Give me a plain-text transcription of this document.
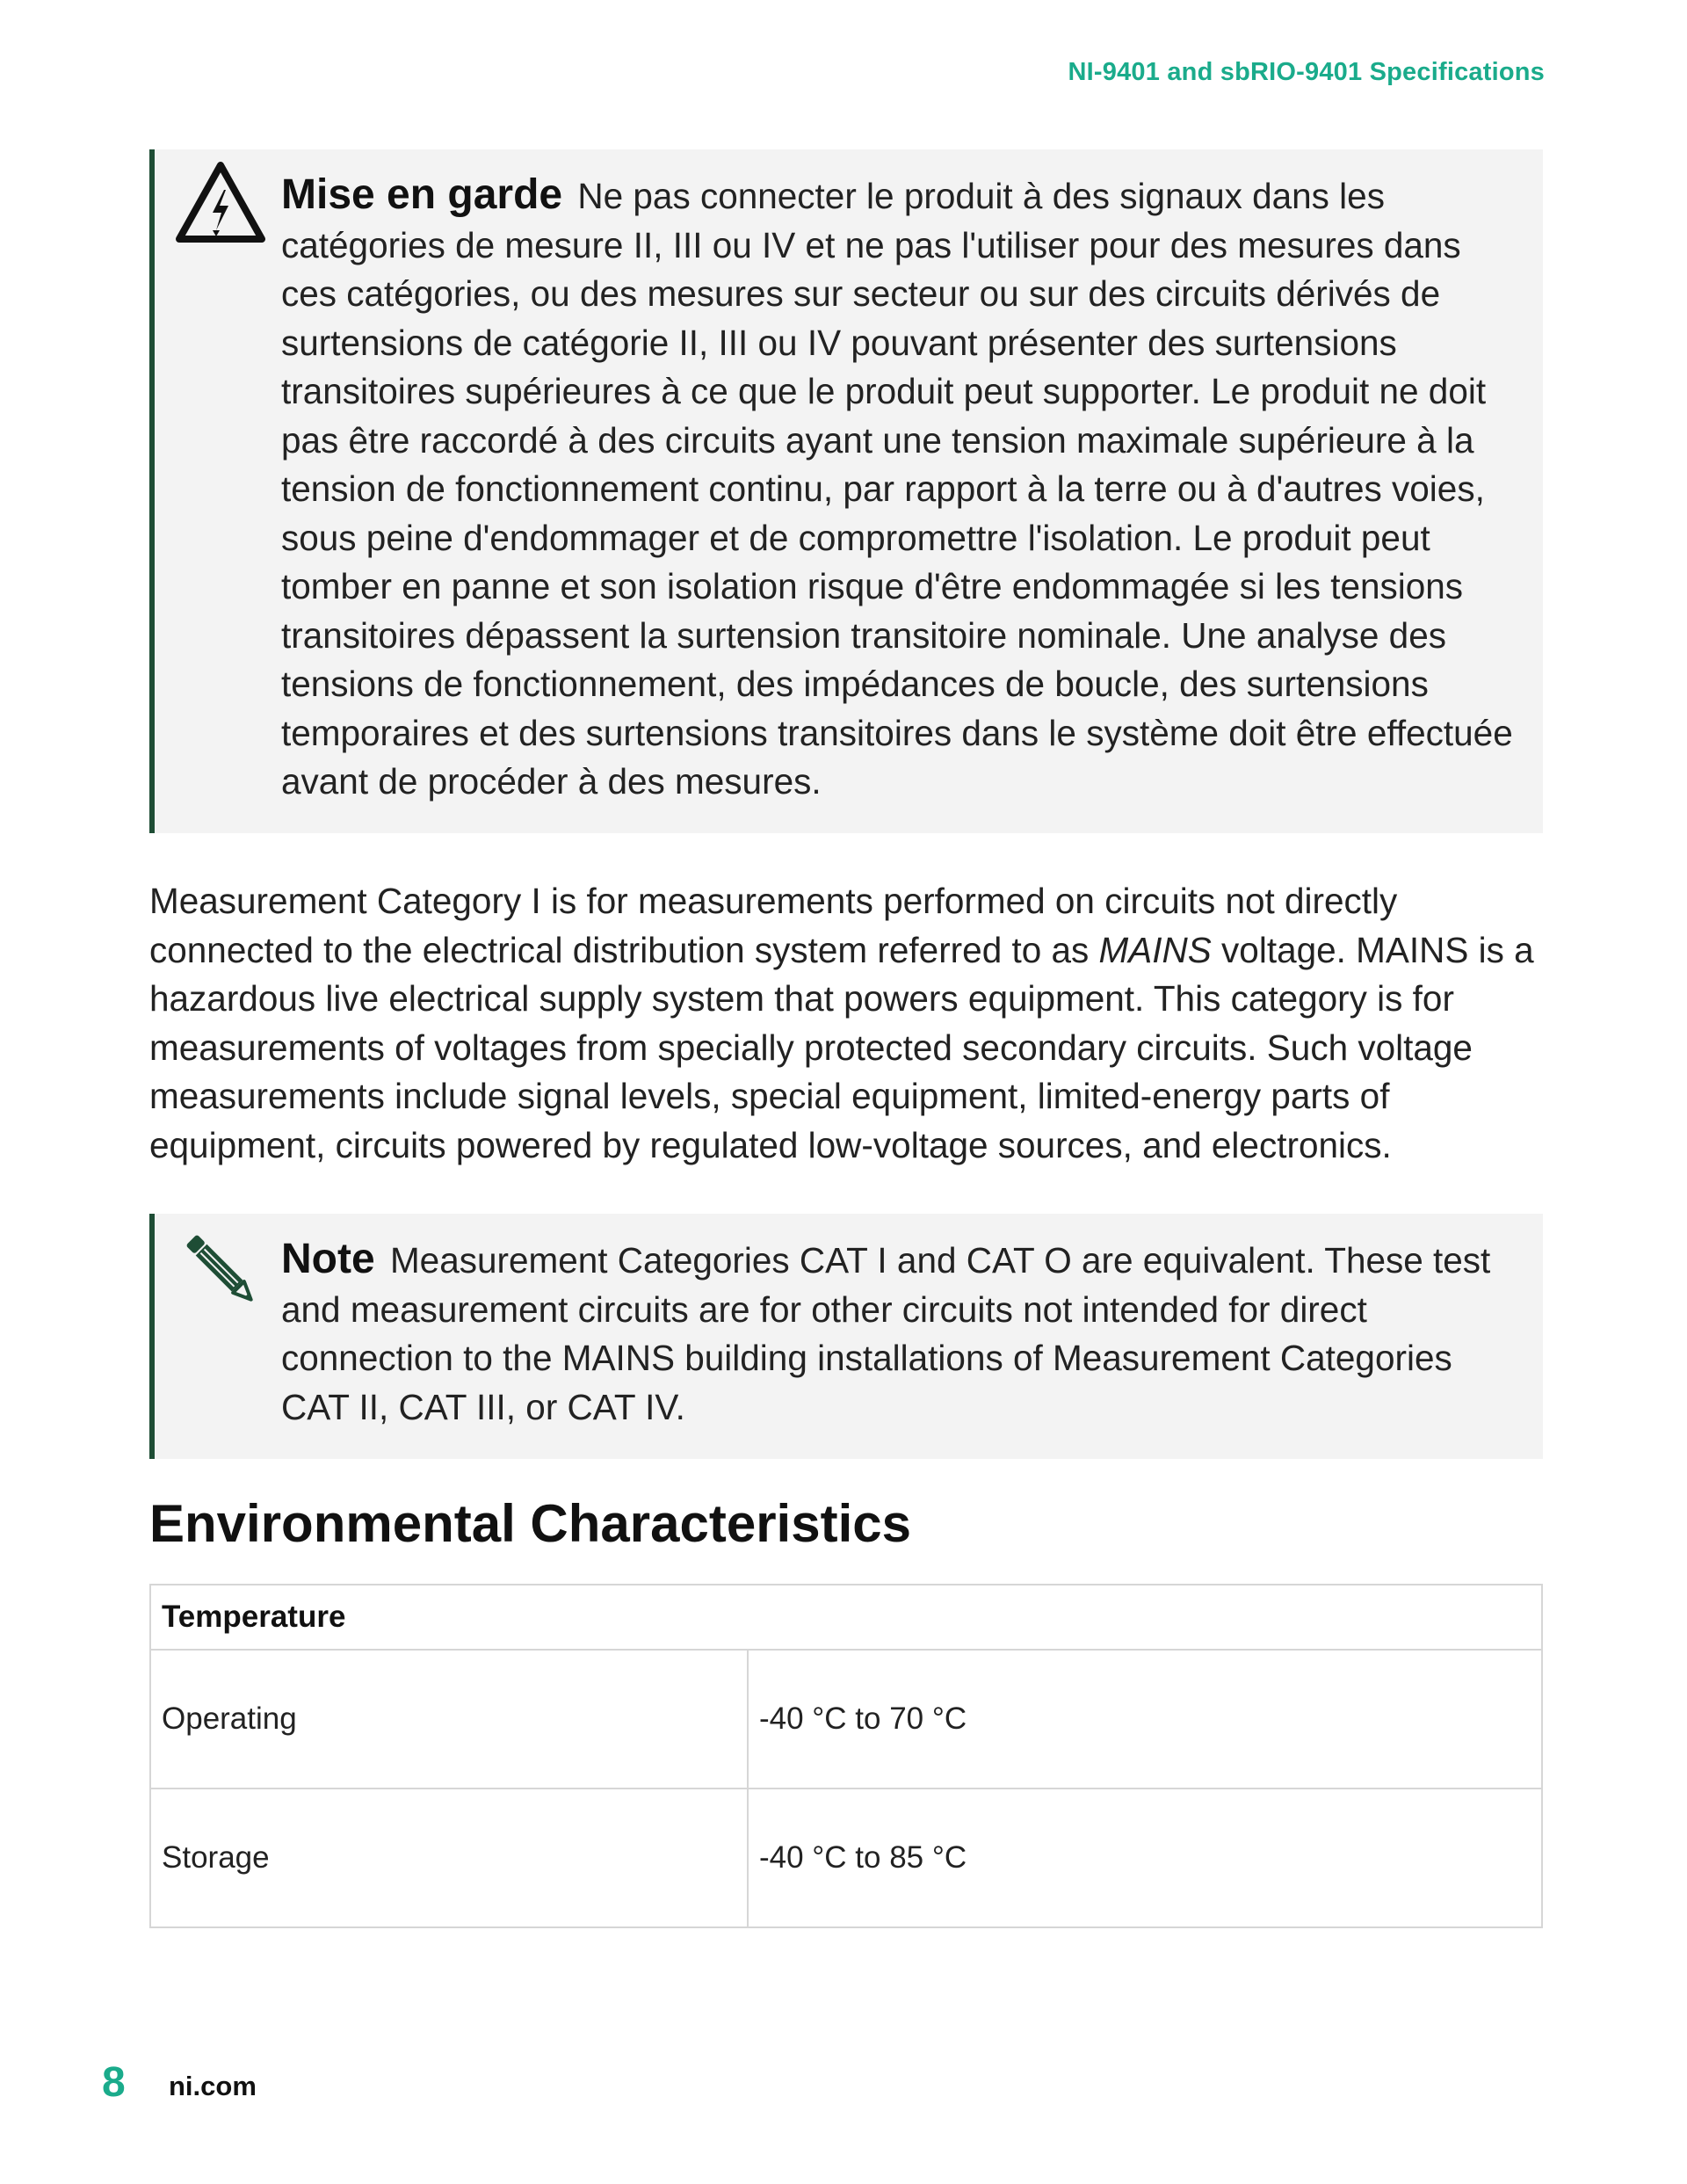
NI-9401 and sbRIO-9401 Specifications
Mise en garde Ne pas connecter le produit à des signaux dans les catégories de mesure II, III ou IV et ne pas l'utiliser pour des mesures dans ces catégories, ou des mesures sur secteur ou sur des circuits dérivés de surtensions de catégorie II, III ou IV pouvant présenter des surtensions transitoires supérieures à ce que le produit peut supporter. Le produit ne doit pas être raccordé à des circuits ayant une tension maximale supérieure à la tension de fonctionnement continu, par rapport à la terre ou à d'autres voies, sous peine d'endommager et de compromettre l'isolation. Le produit peut tomber en panne et son isolation risque d'être endommagée si les tensions transitoires dépassent la surtension transitoire nominale. Une analyse des tensions de fonctionnement, des impédances de boucle, des surtensions temporaires et des surtensions transitoires dans le système doit être effectuée avant de procéder à des mesures.

Measurement Category I is for measurements performed on circuits not directly connected to the electrical distribution system referred to as MAINS voltage. MAINS is a hazardous live electrical supply system that powers equipment. This category is for measurements of voltages from specially protected secondary circuits. Such voltage measurements include signal levels, special equipment, limited-energy parts of equipment, circuits powered by regulated low-voltage sources, and electronics.

Note Measurement Categories CAT I and CAT O are equivalent. These test and measurement circuits are for other circuits not intended for direct connection to the MAINS building installations of Measurement Categories CAT II, CAT III, or CAT IV.
Environmental Characteristics
Temperature	
Operating	-40 °C to 70 °C
Storage	-40 °C to 85 °C
8 ni.com
